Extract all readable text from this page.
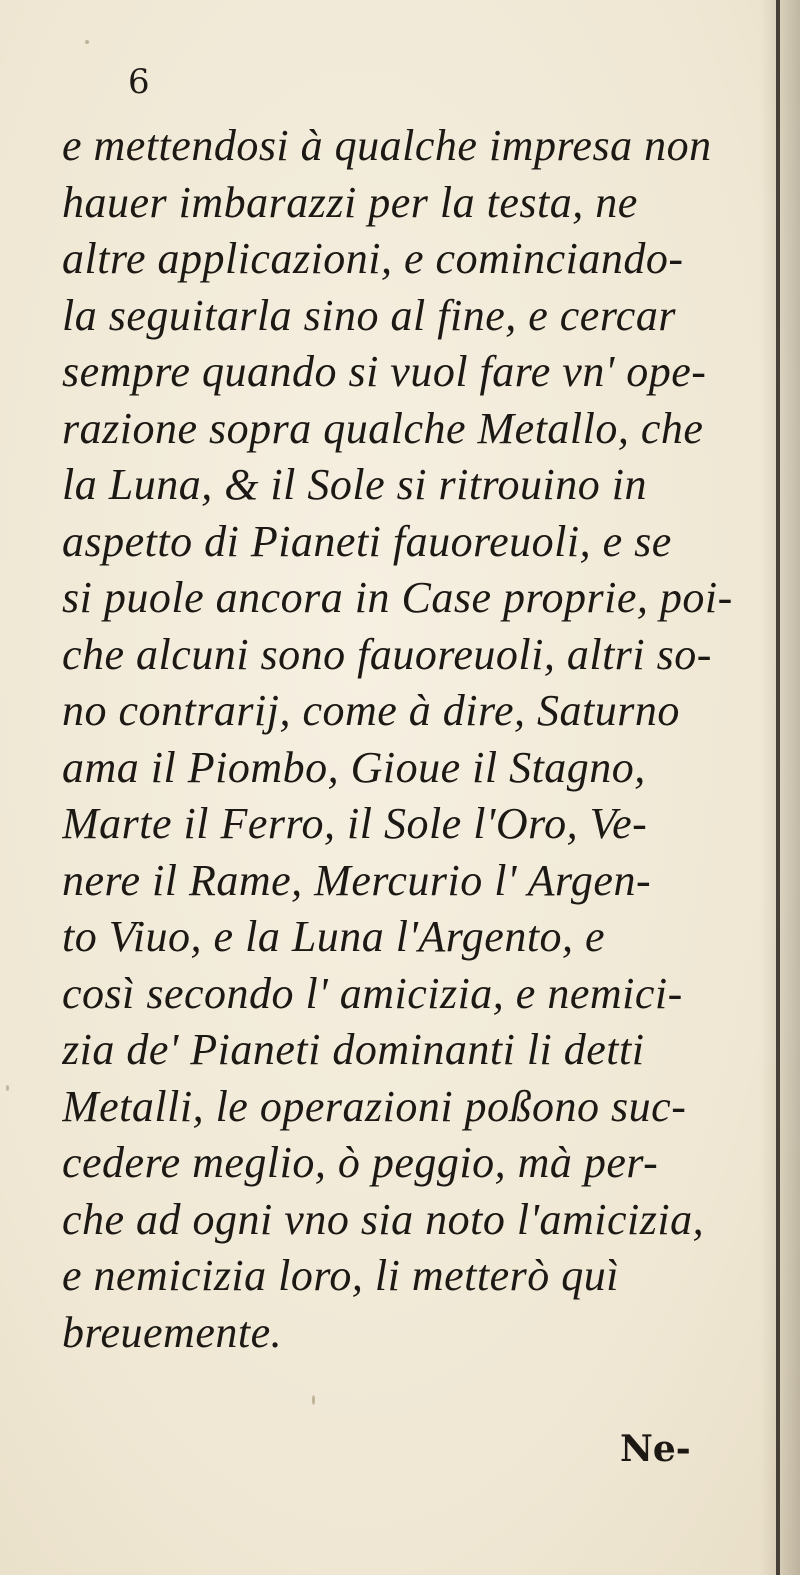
6
e mettendosi à qualche impresa non
hauer imbarazzi per la testa, ne
altre applicazioni, e cominciando-
la seguitarla sino al fine, e cercar
sempre quando si vuol fare vn' ope-
razione sopra qualche Metallo, che
la Luna, & il Sole si ritrouino in
aspetto di Pianeti fauoreuoli, e se
si puole ancora in Case proprie, poi-
che alcuni sono fauoreuoli, altri so-
no contrarij, come à dire, Saturno
ama il Piombo, Gioue il Stagno,
Marte il Ferro, il Sole l'Oro, Ve-
nere il Rame, Mercurio l' Argen-
to Viuo, e la Luna l'Argento, e
così secondo l' amicizia, e nemici-
zia de' Pianeti dominanti li detti
Metalli, le operazioni poßono suc-
cedere meglio, ò peggio, mà per-
che ad ogni vno sia noto l'amicizia,
e nemicizia loro, li metterò quì
breuemente.
Ne-
